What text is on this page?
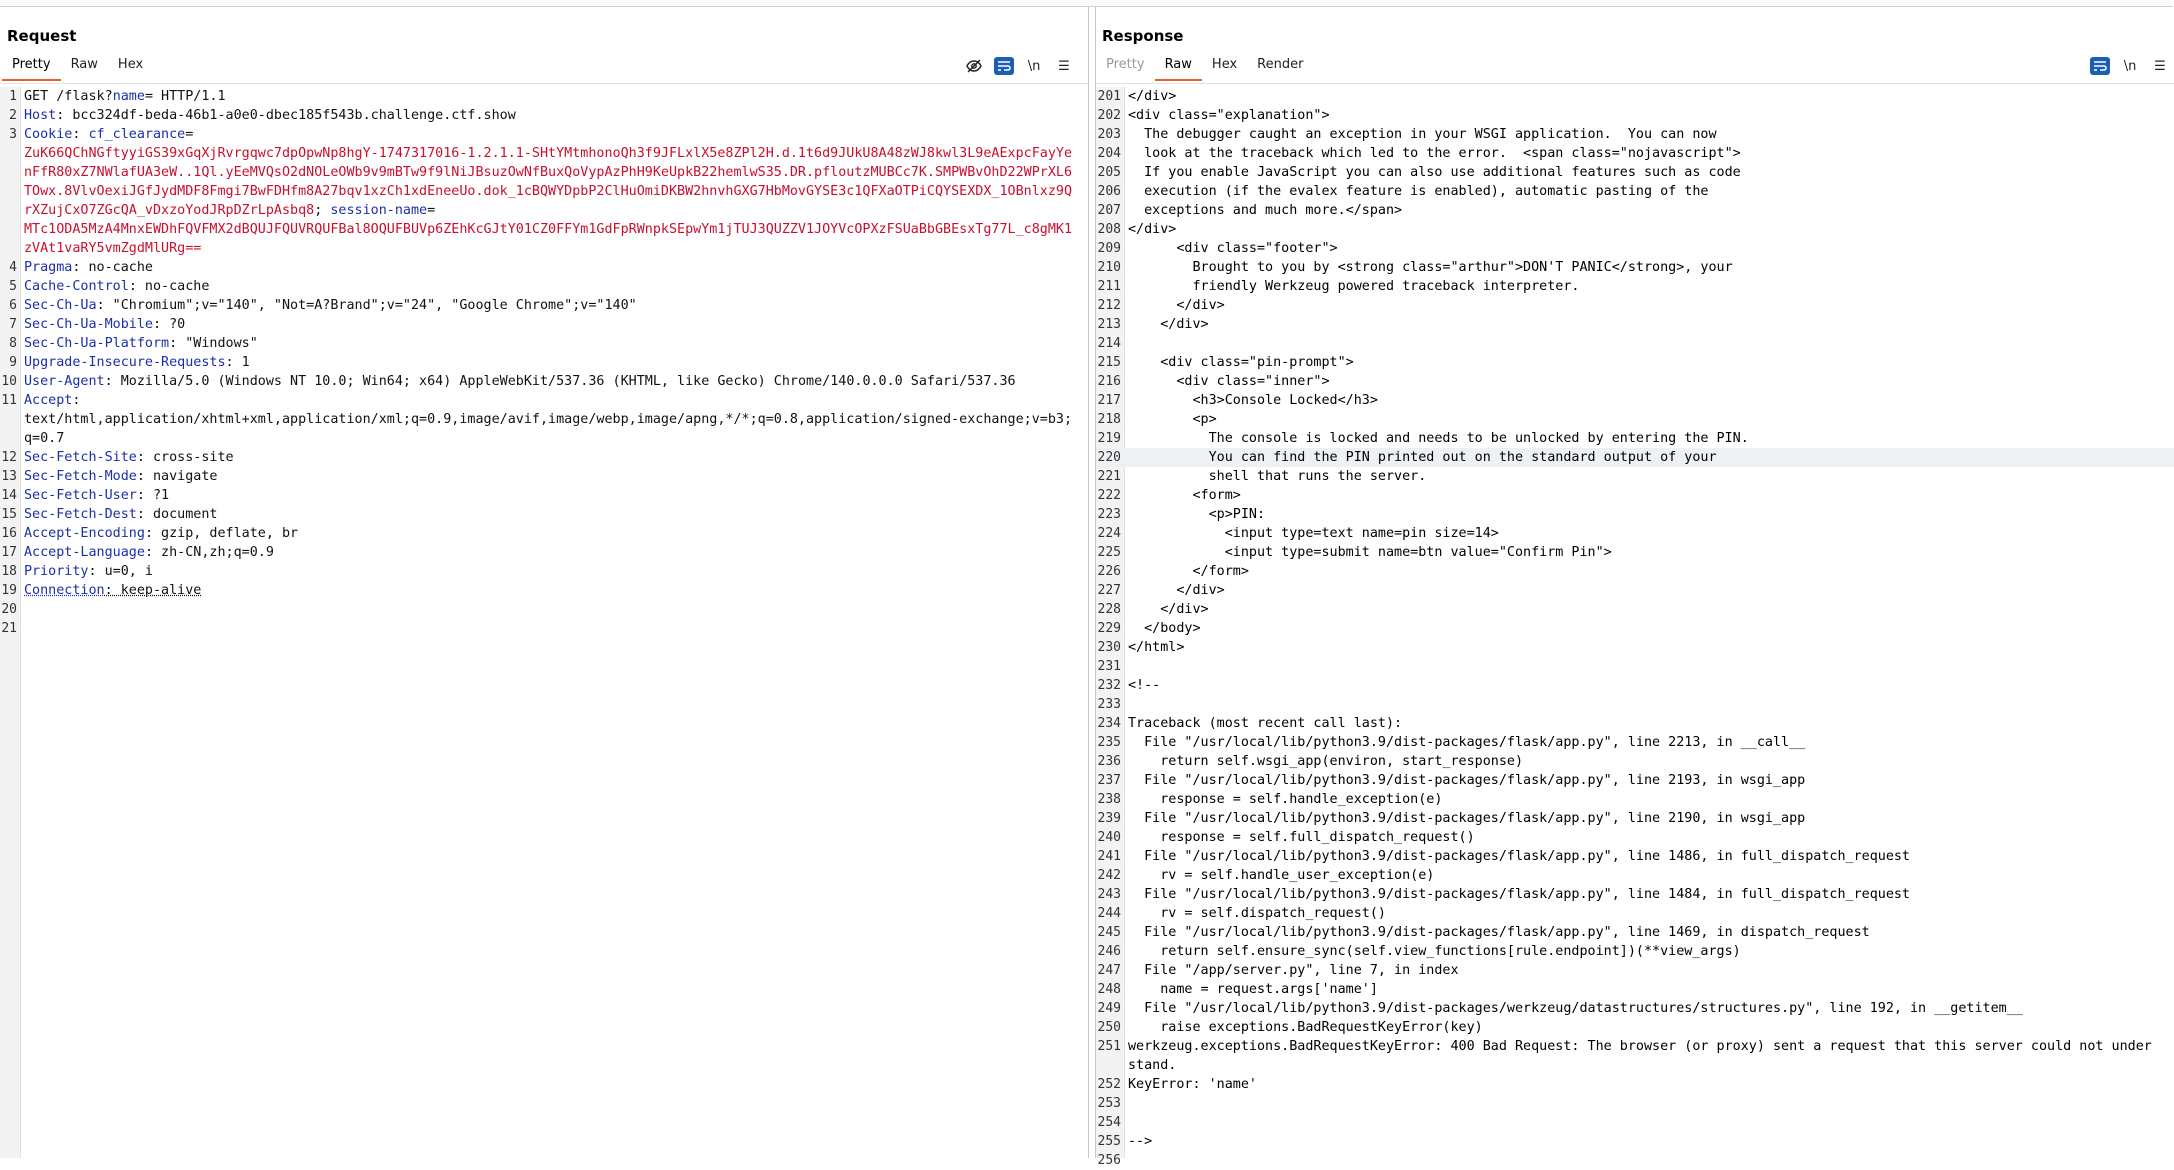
Request
Pretty	Raw	Hex	\n	☰
1 GET /flask?name= HTTP/1.1
2 Host: bcc324df-beda-46b1-a0e0-dbec185f543b.challenge.ctf.show
3 Cookie: cf_clearance=
ZuK66QChNGftyyiGS39xGqXjRvrgqwc7dpOpwNp8hgY-1747317016-1.2.1.1-SHtYMtmhonoQh3f9JFLxlX5e8ZPl2H.d.1t6d9JUkU8A48zWJ8kwl3L9eAExpcFayYenFfR80xZ7NWlafUA3eW..1Ql.yEeMVQsO2dNOLeOWb9v9mBTw9f9lNiJBsuzOwNfBuxQoVypAzPhH9KeUpkB22hemlwS35.DR.pfloutzMUBCc7K.SMPWBvOhD22WPrXL6TOwx.8VlvOexiJGfJydMDF8Fmgi7BwFDHfm8A27bqv1xzCh1xdEneeUo.dok_1cBQWYDpbP2ClHuOmiDKBW2hnvhGXG7HbMovGYSE3c1QFXaOTPiCQYSEXDX_1OBnlxz9QrXZujCxO7ZGcQA_vDxzoYodJRpDZrLpAsbq8; session-name=
MTc1ODA5MzA4MnxEWDhFQVFMX2dBQUJFQUVRQUFBal8OQUFBUVp6ZEhKcGJtY01CZ0FFYm1GdFpRWnpkSEpwYm1jTUJ3QUZZV1JOYVcOPXzFSUaBbGBEsxTg77L_c8gMK1zVAt1vaRY5vmZgdMlURg==
4 Pragma: no-cache
5 Cache-Control: no-cache
6 Sec-Ch-Ua: "Chromium";v="140", "Not=A?Brand";v="24", "Google Chrome";v="140"
7 Sec-Ch-Ua-Mobile: ?0
8 Sec-Ch-Ua-Platform: "Windows"
9 Upgrade-Insecure-Requests: 1
10 User-Agent: Mozilla/5.0 (Windows NT 10.0; Win64; x64) AppleWebKit/537.36 (KHTML, like Gecko) Chrome/140.0.0.0 Safari/537.36
11 Accept:
text/html,application/xhtml+xml,application/xml;q=0.9,image/avif,image/webp,image/apng,*/*;q=0.8,application/signed-exchange;v=b3;q=0.7
12 Sec-Fetch-Site: cross-site
13 Sec-Fetch-Mode: navigate
14 Sec-Fetch-User: ?1
15 Sec-Fetch-Dest: document
16 Accept-Encoding: gzip, deflate, br
17 Accept-Language: zh-CN,zh;q=0.9
18 Priority: u=0, i
19 Connection: keep-alive
20
21
Response
Pretty	Raw	Hex	Render	\n	☰
201 </div>
202 <div class="explanation">
203 The debugger caught an exception in your WSGI application.  You can now
204 look at the traceback which led to the error.  <span class="nojavascript">
205 If you enable JavaScript you can also use additional features such as code
206 execution (if the evalex feature is enabled), automatic pasting of the
207 exceptions and much more.</span>
208 </div>
209 <div class="footer">
210 Brought to you by <strong class="arthur">DON'T PANIC</strong>, your
211 friendly Werkzeug powered traceback interpreter.
212 </div>
213 </div>
214
215 <div class="pin-prompt">
216 <div class="inner">
217 <h3>Console Locked</h3>
218 <p>
219 The console is locked and needs to be unlocked by entering the PIN.
220 You can find the PIN printed out on the standard output of your
221 shell that runs the server.
222 <form>
223 <p>PIN:
224 <input type=text name=pin size=14>
225 <input type=submit name=btn value="Confirm Pin">
226 </form>
227 </div>
228 </div>
229 </body>
230 </html>
231
232 <!--
233
234 Traceback (most recent call last):
235 File "/usr/local/lib/python3.9/dist-packages/flask/app.py", line 2213, in __call__
236 return self.wsgi_app(environ, start_response)
237 File "/usr/local/lib/python3.9/dist-packages/flask/app.py", line 2193, in wsgi_app
238 response = self.handle_exception(e)
239 File "/usr/local/lib/python3.9/dist-packages/flask/app.py", line 2190, in wsgi_app
240 response = self.full_dispatch_request()
241 File "/usr/local/lib/python3.9/dist-packages/flask/app.py", line 1486, in full_dispatch_request
242 rv = self.handle_user_exception(e)
243 File "/usr/local/lib/python3.9/dist-packages/flask/app.py", line 1484, in full_dispatch_request
244 rv = self.dispatch_request()
245 File "/usr/local/lib/python3.9/dist-packages/flask/app.py", line 1469, in dispatch_request
246 return self.ensure_sync(self.view_functions[rule.endpoint])(**view_args)
247 File "/app/server.py", line 7, in index
248 name = request.args['name']
249 File "/usr/local/lib/python3.9/dist-packages/werkzeug/datastructures/structures.py", line 192, in __getitem__
250 raise exceptions.BadRequestKeyError(key)
251 werkzeug.exceptions.BadRequestKeyError: 400 Bad Request: The browser (or proxy) sent a request that this server could not understand.
252 KeyError: 'name'
253
254
255 -->
256
